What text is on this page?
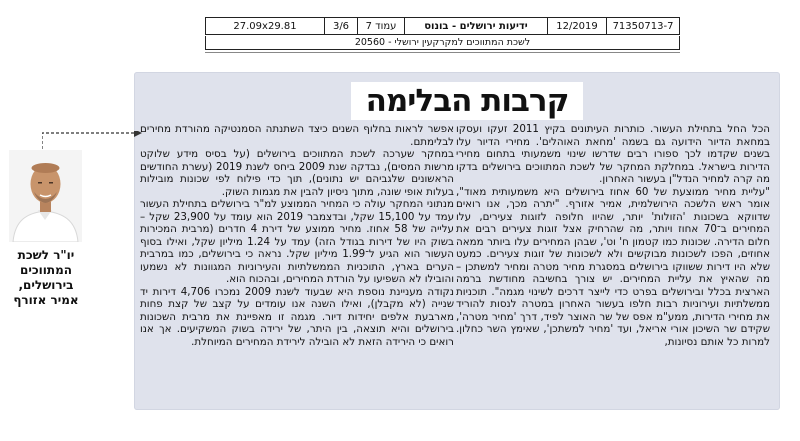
71350713-7
12/2019
ידיעות ירושלים - בונוס
עמוד 7
3/6
27.09x29.81
לשכת המתווכים למקרקעין ירושלי - 20560
קרבות הבלימה

הכל החל בתחילת העשור. כותרות העיתונים בקיץ 2011 זעקו ועסקו במחאת הדיור הידועה גם בשמה 'מחאת האוהלים'. מחירי הדיור עלו בשנים שקדמו לכך ספורו רבים שדרשו שינוי משמעותי בתחום מחירי הדירות בישראל. במחלקת המחקר של לשכת המתווכים בירושלים בדקו מה קרה למחיר הנדל"ן בעשור האחרון.

"עליית מחיר ממוצעת של 60 אחוז בירושלים היא משמעותית מאוד", אומר ראש הלשכה הירושלמית, אמיר אזורף. "יתרה מכך, אנו רואים שדווקא בשכונות 'הזולות' יותר, שהיוו חלופה לזוגות צעירים, עלו המחירים ב־70 אחוז ויותר, מה שהרחיק אצל זוגות צעירים רבים את חלום הדירה. שכונות כמו קטמון ח' וט', שבהן המחירים עלו ביותר ממאה אחוזים, הפכו לשכונות מבוקשים ולא לשכונות של זוגות צעירים. כמעט שלא היו דירות ששווקו בירושלים במסגרת מחיר מטרה ומחיר למשתכן – מה שהאיץ את עליית המחירים. יש צורך בחשיבה מחודשת ברמה הארצית בכלל ובירושלים בפרט כדי לייצר דרכים לשינוי מגמה". תוכניות ממשלתיות ועירוניות רבות חלפו בעשור האחרון במטרה לנסות להוריד את מחירי הדירות, ממע"מ אפס של שר האוצר לפיד, דרך 'מחיר מטרה', שקידם שר השיכון אורי אריאל, ועד 'מחיר למשתכן', שאימץ השר כחלון. למרות כל אותם נסיונות,

אפשר לראות בחלוף השנים כיצד השתנתה הסמנטיקה מהורדת מחירים לבלימתם.

במחקר שערכה לשכת המתווכים בירושלים (על בסיס מידע שלוקט מרשות המסים), נבדקה שנת 2009 ביחס לשנת 2019 (עשרת החודשים הראשונים שלגביהם יש נתונים), תוך כדי פילוח לפי שכונות מובילות בעלות אופי שונה, מתוך ניסיון להבין את מגמות השוק.

מנתוני המחקר עולה כי המחיר הממוצע למ"ר בירושלים בתחילת העשור עמד על 15,100 שקל, ובדצמבר 2019 הוא עומד על 23,900 שקל – עלייה של 58 אחוז. מחיר ממוצע של דירת 4 חדרים (מרבית המכירות בשוק היו של דירות בגודל הזה) עמד על 1.24 מיליון שקל, ואילו בסוף העשור הוא הגיע ל־1.99 מיליון שקל. נראה כי בירושלים, כמו במרבית הערים בארץ, התוכניות הממשלתיות והעירוניות המגוונות לא נשמעו והובילו לא השפיעו על הורדת המחירים, ובהכוח הוא.

נקודה מעניינת נוספת היא שבעוד לשנת 2009 נמכרו 4,706 דירות יד שנייה (לא מקבלן), ואילו השנה אנו עומדים על קצב של קצת פחות מארבעת אלפים יחידות דיור. מגמה זו מאפיינת את מרבית השכונות בירושלים והיא תוצאה, בין היתר, של ירידה בשוק המשקיעים. אך אנו רואים כי הירידה הזאת לא הובילה לירידת המחירים המיוחלת.

יו"ר לשכת
המתווכים
בירושלים,
אמיר אזורף
